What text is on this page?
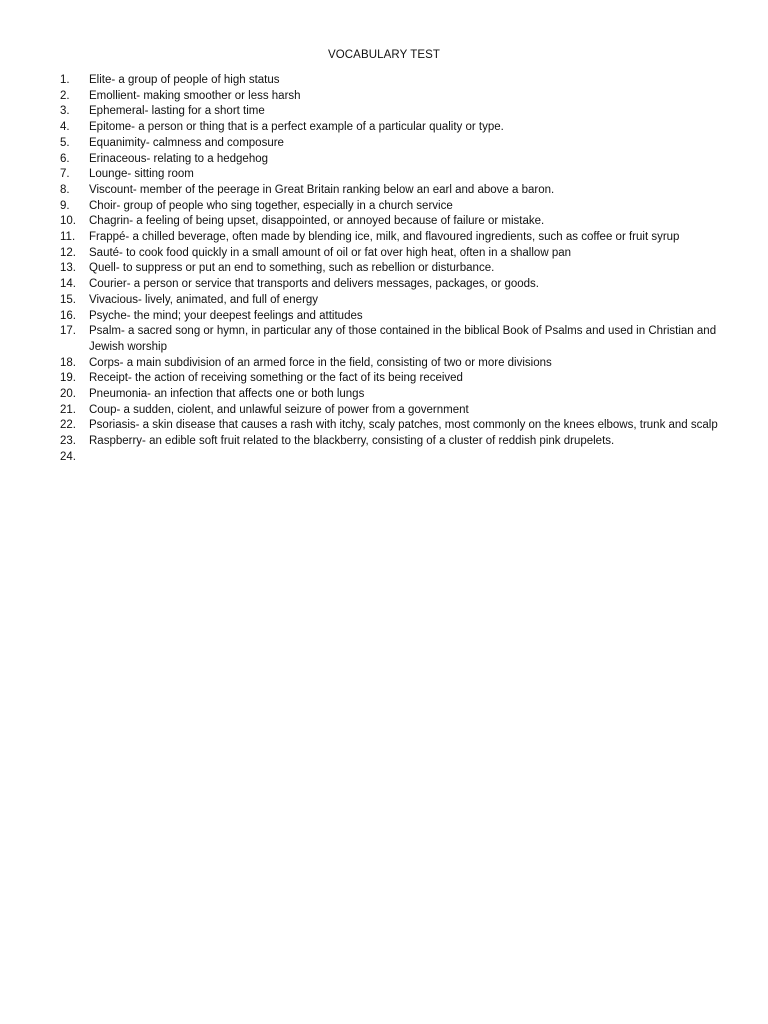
VOCABULARY TEST
1.	Elite- a group of people of high status
2.	Emollient- making smoother or less harsh
3.	Ephemeral- lasting for a short time
4.	Epitome- a person or thing that is a perfect example of a particular quality or type.
5.	Equanimity- calmness and composure
6.	Erinaceous- relating to a hedgehog
7.	Lounge- sitting room
8.	Viscount- member of the peerage in Great Britain ranking below an earl and above a baron.
9.	Choir- group of people who sing together, especially in a church service
10.	Chagrin- a feeling of being upset, disappointed, or annoyed because of failure or mistake.
11.	Frappé- a chilled beverage, often made by blending ice, milk, and flavoured ingredients, such as coffee or fruit syrup
12.	Sauté- to cook food quickly in a small amount of oil or fat over high heat, often in a shallow pan
13.	Quell- to suppress or put an end to something, such as rebellion or disturbance.
14.	Courier- a person or service that transports and delivers messages, packages, or goods.
15.	Vivacious- lively, animated, and full of energy
16.	Psyche- the mind; your deepest feelings and attitudes
17.	Psalm- a sacred song or hymn, in particular any of those contained in the biblical Book of Psalms and used in Christian and Jewish worship
18.	Corps- a main subdivision of an armed force in the field, consisting of two or more divisions
19.	Receipt- the action of receiving something or the fact of its being received
20.	Pneumonia- an infection that affects one or both lungs
21.	Coup- a sudden, ciolent, and unlawful seizure of power from a government
22.	Psoriasis- a skin disease that causes a rash with itchy, scaly patches, most commonly on the knees elbows, trunk and scalp
23.	Raspberry- an edible soft fruit related to the blackberry, consisting of a cluster of reddish pink drupelets.
24.
